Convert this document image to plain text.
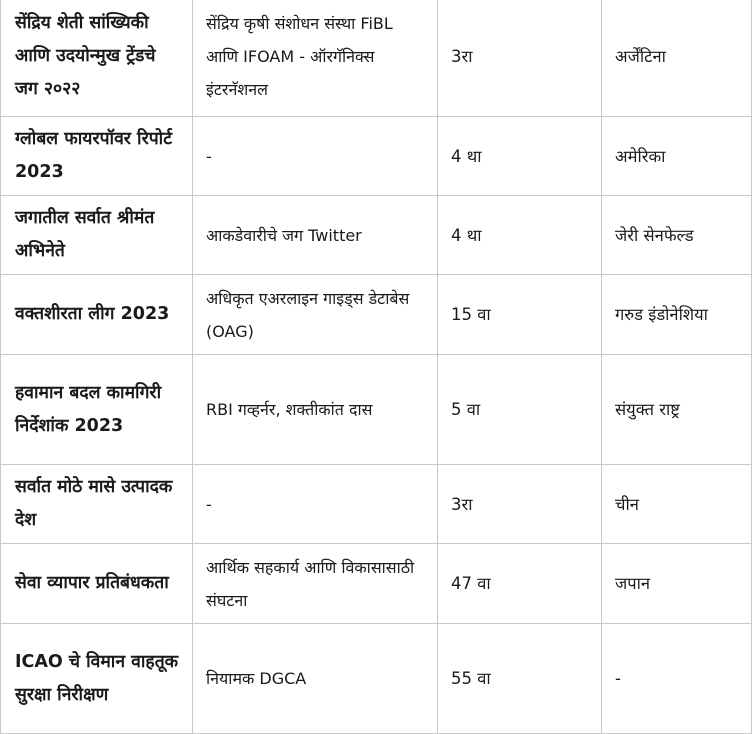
सेंद्रिय शेती सांख्यिकी आणि उदयोन्मुख ट्रेंडचे जग २०२२	सेंद्रिय कृषी संशोधन संस्था FiBL आणि IFOAM - ऑरगॅनिक्स इंटरनॅशनल	3रा	अर्जेंटिना
ग्लोबल फायरपॉवर रिपोर्ट 2023	-	4 था	अमेरिका
जगातील सर्वात श्रीमंत अभिनेते	आकडेवारीचे जग Twitter	4 था	जेरी सेनफेल्ड
वक्तशीरता लीग 2023	अधिकृत एअरलाइन गाइड्स डेटाबेस (OAG)	15 वा	गरुड इंडोनेशिया
हवामान बदल कामगिरी निर्देशांक 2023	RBI गव्हर्नर, शक्तीकांत दास	5 वा	संयुक्त राष्ट्र
सर्वात मोठे मासे उत्पादक देश	-	3रा	चीन
सेवा व्यापार प्रतिबंधकता	आर्थिक सहकार्य आणि विकासासाठी संघटना	47 वा	जपान
ICAO चे विमान वाहतूक सुरक्षा निरीक्षण	नियामक DGCA	55 वा	-
